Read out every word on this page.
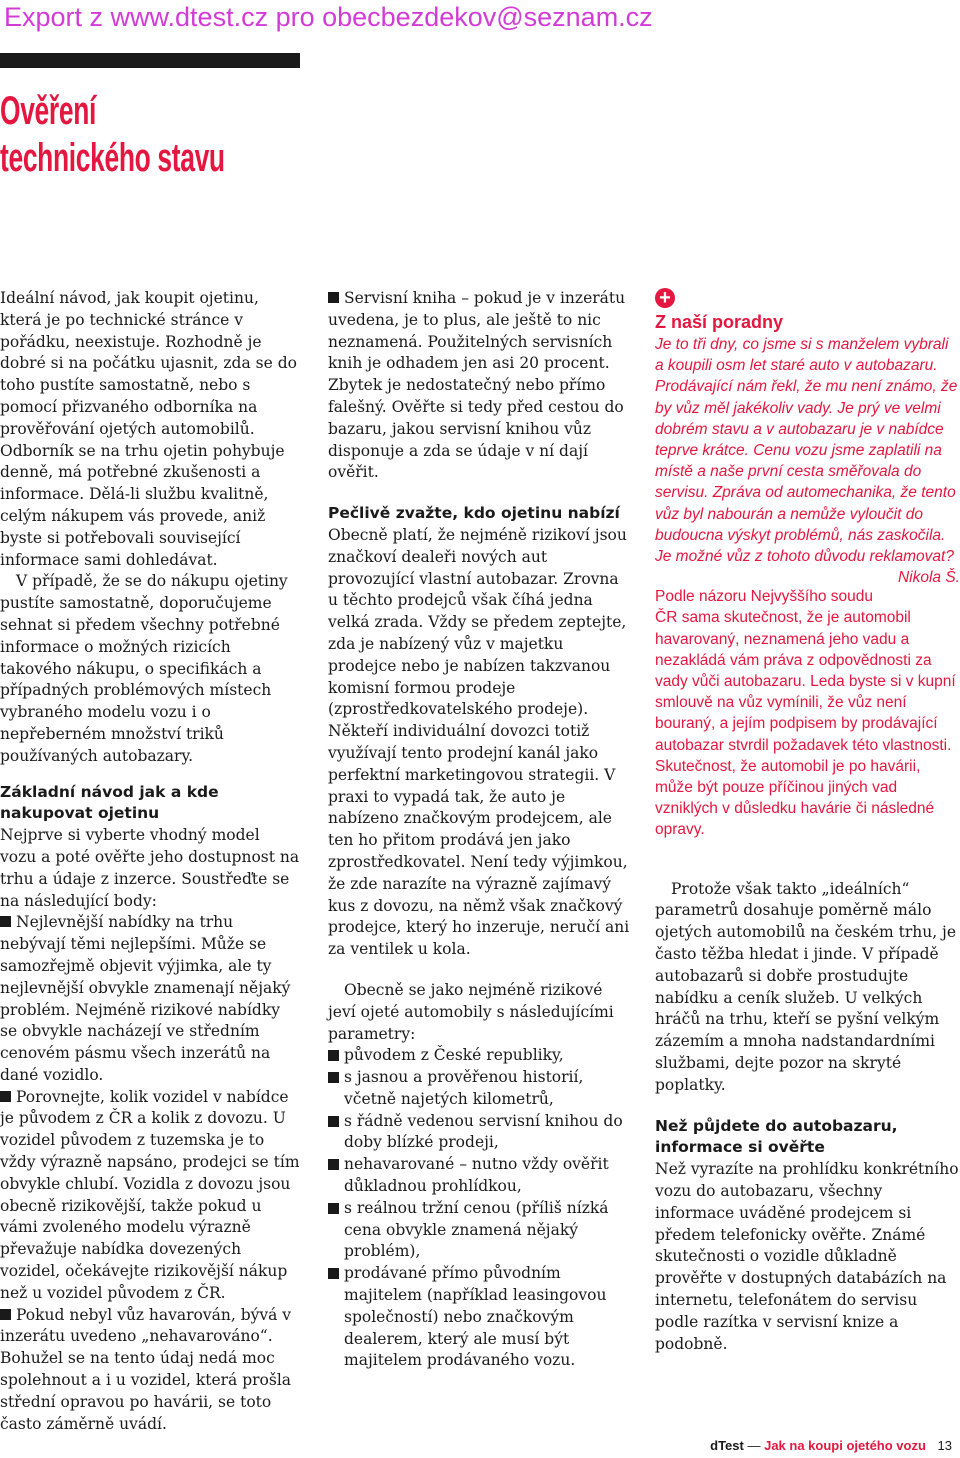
Export z www.dtest.cz pro obecbezdekov@seznam.cz
Ověření
technického stavu

Ideální návod, jak koupit ojetinu, která je po technické stránce v pořádku, neexistuje. Rozhodně je dobré si na počátku ujasnit, zda se do toho pustíte samostatně, nebo s pomocí přizvaného odborníka na prověřování ojetých automobilů. Odborník se na trhu ojetin pohybuje denně, má potřebné zkušenosti a informace. Dělá-li službu kvalitně, celým nákupem vás provede, aniž byste si potřebovali související informace sami dohledávat.

V případě, že se do nákupu ojetiny pustíte samostatně, doporučujeme sehnat si předem všechny potřebné informace o možných rizicích takového nákupu, o specifikách a případných problémových místech vybraného modelu vozu i o nepřeberném množství triků používaných autobazary.

Základní návod jak a kde nakupovat ojetinu

Nejprve si vyberte vhodný model vozu a poté ověřte jeho dostupnost na trhu a údaje z inzerce. Soustřeďte se na následující body:

Nejlevnější nabídky na trhu nebývají těmi nejlepšími. Může se samozřejmě objevit výjimka, ale ty nejlevnější obvykle znamenají nějaký problém. Nejméně rizikové nabídky se obvykle nacházejí ve středním cenovém pásmu všech inzerátů na dané vozidlo.

Porovnejte, kolik vozidel v nabídce je původem z ČR a kolik z dovozu. U vozidel původem z tuzemska je to vždy výrazně napsáno, prodejci se tím obvykle chlubí. Vozidla z dovozu jsou obecně rizikovější, takže pokud u vámi zvoleného modelu výrazně převažuje nabídka dovezených vozidel, očekávejte rizikovější nákup než u vozidel původem z ČR.

Pokud nebyl vůz havarován, bývá v inzerátu uvedeno „nehavarováno“. Bohužel se na tento údaj nedá moc spolehnout a i u vozidel, která prošla střední opravou po havárii, se toto často záměrně uvádí.

Servisní kniha – pokud je v inzerátu uvedena, je to plus, ale ještě to nic neznamená. Použitelných servisních knih je odhadem jen asi 20 procent. Zbytek je nedostatečný nebo přímo falešný. Ověřte si tedy před cestou do bazaru, jakou servisní knihou vůz disponuje a zda se údaje v ní dají ověřit.

Pečlivě zvažte, kdo ojetinu nabízí

Obecně platí, že nejméně rizikoví jsou značkoví dealeři nových aut provozující vlastní autobazar. Zrovna u těchto prodejců však číhá jedna velká zrada. Vždy se předem zeptejte, zda je nabízený vůz v majetku prodejce nebo je nabízen takzvanou komisní formou prodeje (zprostředkovatelského prodeje). Někteří individuální dovozci totiž využívají tento prodejní kanál jako perfektní marketingovou strategii. V praxi to vypadá tak, že auto je nabízeno značkovým prodejcem, ale ten ho přitom prodává jen jako zprostředkovatel. Není tedy výjimkou, že zde narazíte na výrazně zajímavý kus z dovozu, na němž však značkový prodejce, který ho inzeruje, neručí ani za ventilek u kola.

Obecně se jako nejméně rizikové jeví ojeté automobily s následujícími parametry:

původem z České republiky,
s jasnou a prověřenou historií, včetně najetých kilometrů,
s řádně vedenou servisní knihou do doby blízké prodeji,
nehavarované – nutno vždy ověřit důkladnou prohlídkou,
s reálnou tržní cenou (příliš nízká cena obvykle znamená nějaký problém),
prodávané přímo původním majitelem (například leasingovou společností) nebo značkovým dealerem, který ale musí být majitelem prodávaného vozu.
+

Z naší poradny

Je to tři dny, co jsme si s manželem vybrali a koupili osm let staré auto v autobazaru. Prodávající nám řekl, že mu není známo, že by vůz měl jakékoliv vady. Je prý ve velmi dobrém stavu a v autobazaru je v nabídce teprve krátce. Cenu vozu jsme zaplatili na místě a naše první cesta směřovala do servisu. Zpráva od automechanika, že tento vůz byl nabourán a nemůže vyloučit do budoucna výskyt problémů, nás zaskočila. Je možné vůz z tohoto důvodu reklamovat?
Nikola Š.

Podle názoru Nejvyššího soudu ČR sama skutečnost, že je automobil havarovaný, neznamená jeho vadu a nezakládá vám práva z odpovědnosti za vady vůči autobazaru. Leda byste si v kupní smlouvě na vůz vymínili, že vůz není bouraný, a jejím podpisem by prodávající autobazar stvrdil požadavek této vlastnosti. Skutečnost, že automobil je po havárii, může být pouze příčinou jiných vad vzniklých v důsledku havárie či následné opravy.

Protože však takto „ideálních“ parametrů dosahuje poměrně málo ojetých automobilů na českém trhu, je často těžba hledat i jinde. V případě autobazarů si dobře prostudujte nabídku a ceník služeb. U velkých hráčů na trhu, kteří se pyšní velkým zázemím a mnoha nadstandardními službami, dejte pozor na skryté poplatky.

Než půjdete do autobazaru, informace si ověřte

Než vyrazíte na prohlídku konkrétního vozu do autobazaru, všechny informace uváděné prodejcem si předem telefonicky ověřte. Známé skutečnosti o vozidle důkladně prověřte v dostupných databázích na internetu, telefonátem do servisu podle razítka v servisní knize a podobně.

dTest — Jak na koupi ojetého vozu 13
